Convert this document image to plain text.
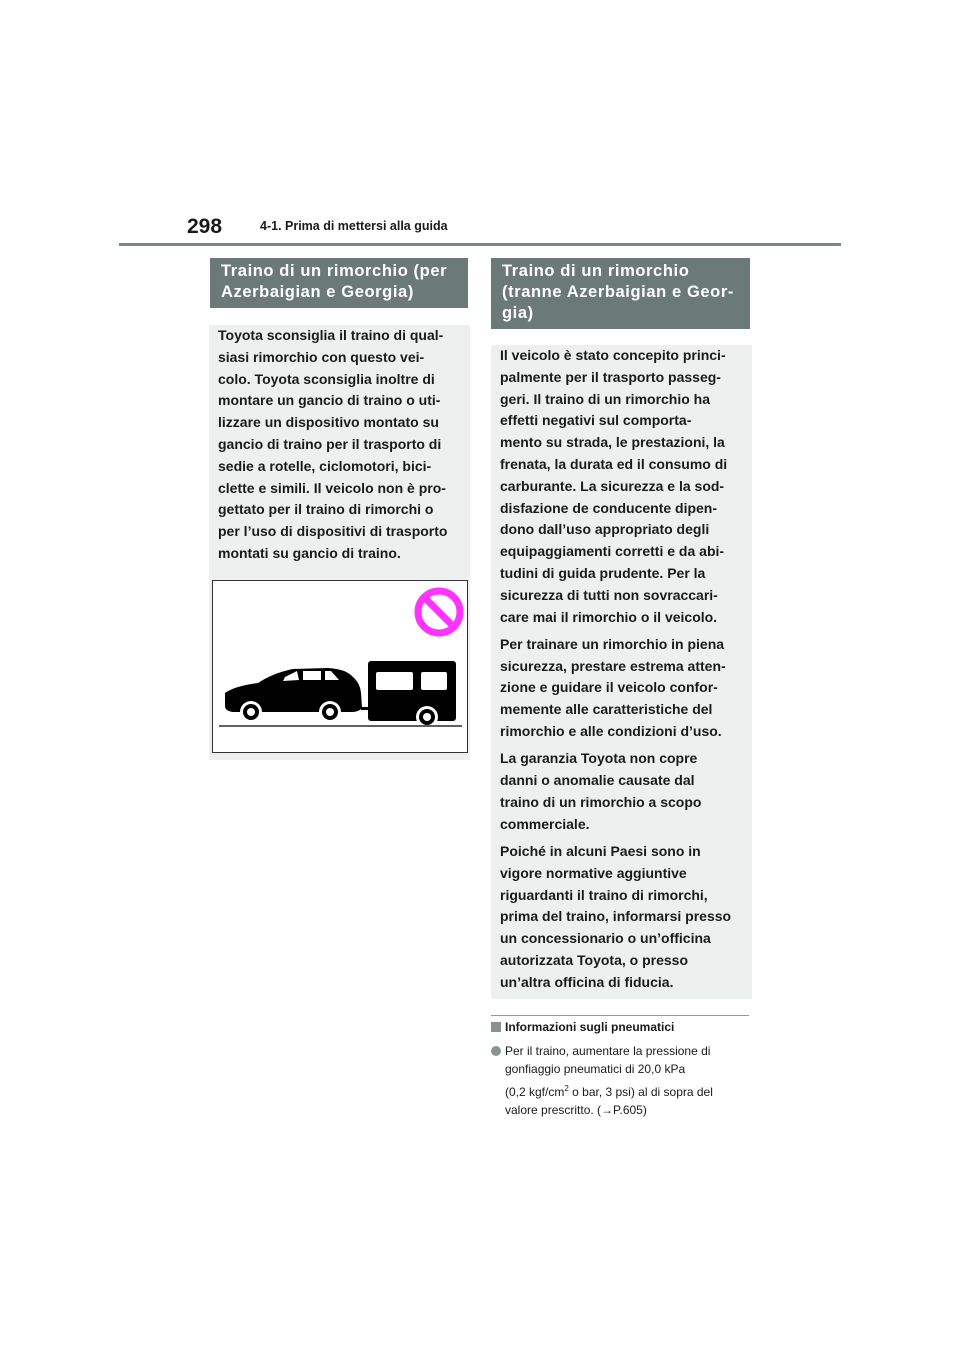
298	4-1. Prima di mettersi alla guida
Traino di un rimorchio (per
Azerbaigian e Georgia)
Traino di un rimorchio
(tranne Azerbaigian e Geor-
gia)
Toyota sconsiglia il traino di qual-
siasi rimorchio con questo vei-
colo. Toyota sconsiglia inoltre di
montare un gancio di traino o uti-
lizzare un dispositivo montato su
gancio di traino per il trasporto di
sedie a rotelle, ciclomotori, bici-
clette e simili. Il veicolo non è pro-
gettato per il traino di rimorchi o
per l’uso di dispositivi di trasporto
montati su gancio di traino.
Il veicolo è stato concepito princi-
palmente per il trasporto passeg-
geri. Il traino di un rimorchio ha
effetti negativi sul comporta-
mento su strada, le prestazioni, la
frenata, la durata ed il consumo di
carburante. La sicurezza e la sod-
disfazione de conducente dipen-
dono dall’uso appropriato degli
equipaggiamenti corretti e da abi-
tudini di guida prudente. Per la
sicurezza di tutti non sovraccari-
care mai il rimorchio o il veicolo.
Per trainare un rimorchio in piena
sicurezza, prestare estrema atten-
zione e guidare il veicolo confor-
memente alle caratteristiche del
rimorchio e alle condizioni d’uso.
La garanzia Toyota non copre
danni o anomalie causate dal
traino di un rimorchio a scopo
commerciale.
Poiché in alcuni Paesi sono in
vigore normative aggiuntive
riguardanti il traino di rimorchi,
prima del traino, informarsi presso
un concessionario o un’officina
autorizzata Toyota, o presso
un’altra officina di fiducia.
Informazioni sugli pneumatici
Per il traino, aumentare la pressione di
gonfiaggio pneumatici di 20,0 kPa
(0,2 kgf/$cm^2$ o bar, 3 psi) al di sopra del
valore prescritto. (→P.605)
